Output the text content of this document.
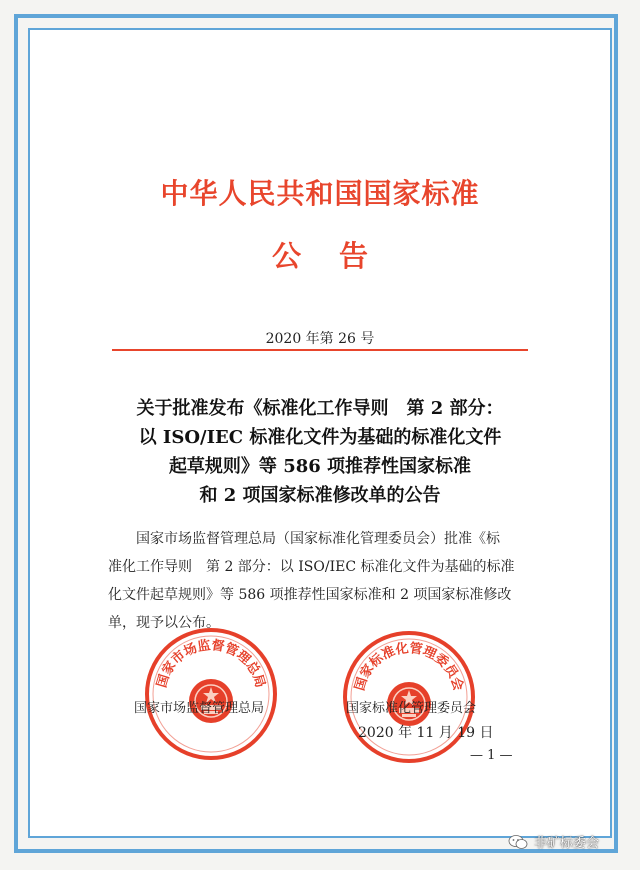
中华人民共和国国家标准
公告
2020 年第 26 号
关于批准发布《标准化工作导则　第 2 部分：
以 ISO/IEC 标准化文件为基础的标准化文件
起草规则》等 586 项推荐性国家标准
和 2 项国家标准修改单的公告
国家市场监督管理总局（国家标准化管理委员会）批准《标
准化工作导则　第 2 部分：以 ISO/IEC 标准化文件为基础的标准
化文件起草规则》等 586 项推荐性国家标准和 2 项国家标准修改
单，现予以公布。
国家市场监督管理总局	国家标准化管理委员会
国家市场监督管理总局	国家标准化管理委员会
2020 年 11 月 19 日
— 1 —
非矿标委会
